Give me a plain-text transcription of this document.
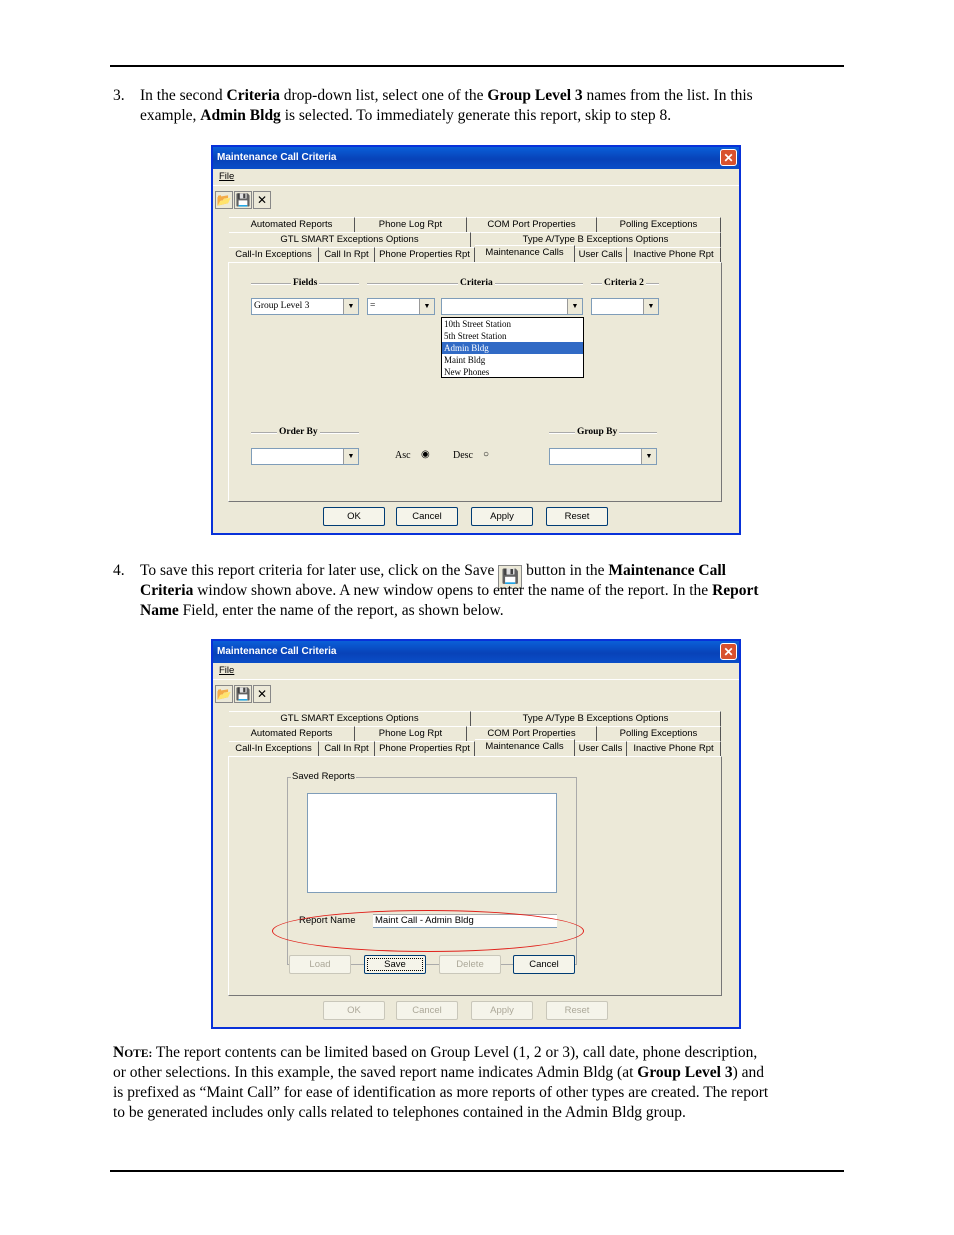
3. In the second Criteria drop-down list, select one of the Group Level 3 names from the list. In this
example, Admin Bldg is selected. To immediately generate this report, skip to step 8.
Maintenance Call Criteria	✕
File
📂 💾 ✕
Automated Reports	Phone Log Rpt	COM Port Properties	Polling Exceptions
GTL SMART Exceptions Options	Type A/Type B Exceptions Options
Call-In Exceptions	Call In Rpt	Phone Properties Rpt	Maintenance Calls	User Calls	Inactive Phone Rpt
Fields	Criteria	Criteria 2
Group Level 3	▼	=	▼	▼	▼
10th Street Station
5th Street Station
Admin Bldg
Maint Bldg
New Phones
Order By
▼	Asc ◉ Desc ○
Group By
▼
OK	Cancel	Apply	Reset
4. To save this report criteria for later use, click on the Save 💾 button in the Maintenance Call
Criteria window shown above. A new window opens to enter the name of the report. In the Report
Name Field, enter the name of the report, as shown below.
Maintenance Call Criteria	✕
File
📂 💾 ✕
GTL SMART Exceptions Options	Type A/Type B Exceptions Options
Automated Reports	Phone Log Rpt	COM Port Properties	Polling Exceptions
Call-In Exceptions	Call In Rpt	Phone Properties Rpt	Maintenance Calls	User Calls	Inactive Phone Rpt
Saved Reports
Report Name Maint Call - Admin Bldg
Load	Save	Delete	Cancel
OK	Cancel	Apply	Reset
NOTE: The report contents can be limited based on Group Level (1, 2 or 3), call date, phone description,
or other selections. In this example, the saved report name indicates Admin Bldg (at Group Level 3) and
is prefixed as “Maint Call” for ease of identification as more reports of other types are created. The report
to be generated includes only calls related to telephones contained in the Admin Bldg group.
